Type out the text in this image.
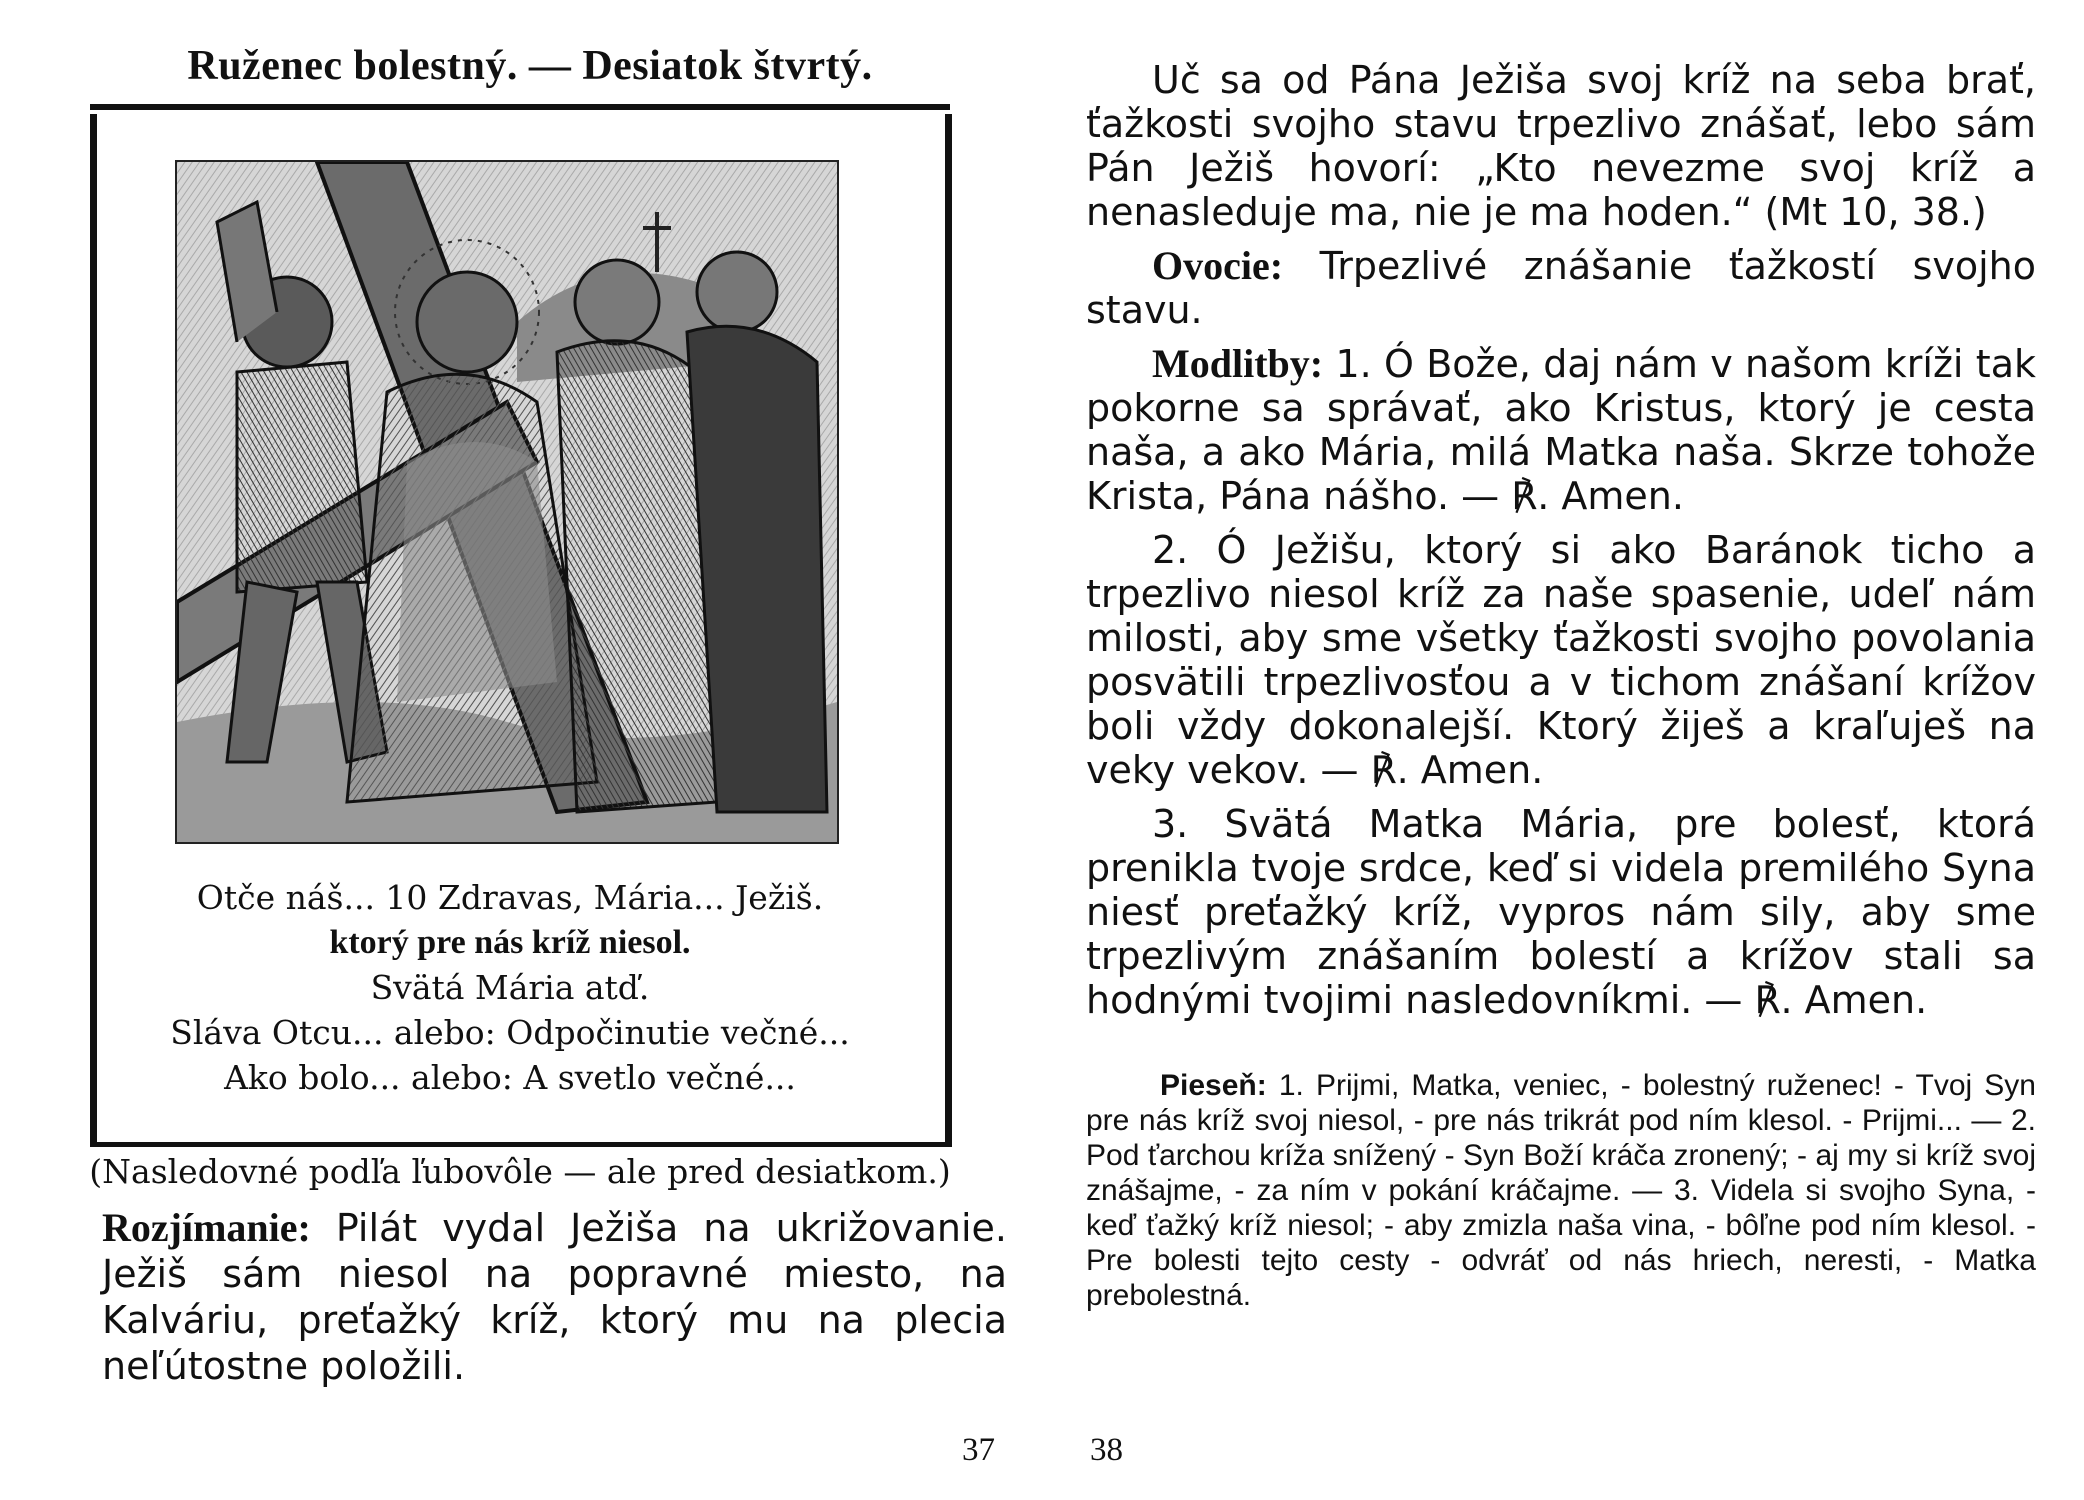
Ruženec bolestný. — Desiatok štvrtý.

Otče náš... 10 Zdravas, Mária... Ježiš.

ktorý pre nás kríž niesol.

Svätá Mária atď.

Sláva Otcu... alebo: Odpočinutie večné...

Ako bolo... alebo: A svetlo večné...

(Nasledovné podľa ľubovôle — ale pred desiatkom.)
Rozjímanie: Pilát vydal Ježiša na ukrižovanie. Ježiš sám niesol na popravné miesto, na Kalváriu, preťažký kríž, ktorý mu na plecia neľútostne položili.
37

Uč sa od Pána Ježiša svoj kríž na seba brať, ťažkosti svojho stavu trpezlivo znášať, lebo sám Pán Ježiš hovorí: „Kto nevezme svoj kríž a nenasleduje ma, nie je ma hoden.“ (Mt 10, 38.)

Ovocie: Trpezlivé znášanie ťažkostí svojho stavu.

Modlitby: 1. Ó Bože, daj nám v našom kríži tak pokorne sa správať, ako Kristus, ktorý je cesta naša, a ako Mária, milá Matka naša. Skrze tohože Krista, Pána nášho. — ℟. Amen.

2. Ó Ježišu, ktorý si ako Baránok ticho a trpezlivo niesol kríž za naše spasenie, udeľ nám milosti, aby sme všetky ťažkosti svojho povolania posvätili trpezlivosťou a v tichom znášaní krížov boli vždy dokonalejší. Ktorý žiješ a kraľuješ na veky vekov. — ℟. Amen.

3. Svätá Matka Mária, pre bolesť, ktorá prenikla tvoje srdce, keď si videla premilého Syna niesť preťažký kríž, vypros nám sily, aby sme trpezlivým znášaním bolestí a krížov stali sa hodnými tvojimi nasledovníkmi. — ℟. Amen.

Pieseň: 1. Prijmi, Matka, veniec, - bolestný ruženec! - Tvoj Syn pre nás kríž svoj niesol, - pre nás trikrát pod ním klesol. - Prijmi... — 2. Pod ťarchou kríža snížený - Syn Boží kráča zronený; - aj my si kríž svoj znášajme, - za ním v pokání kráčajme. — 3. Videla si svojho Syna, - keď ťažký kríž niesol; - aby zmizla naša vina, - bôľne pod ním klesol. - Pre bolesti tejto cesty - odvráť od nás hriech, neresti, - Matka prebolestná.
38
